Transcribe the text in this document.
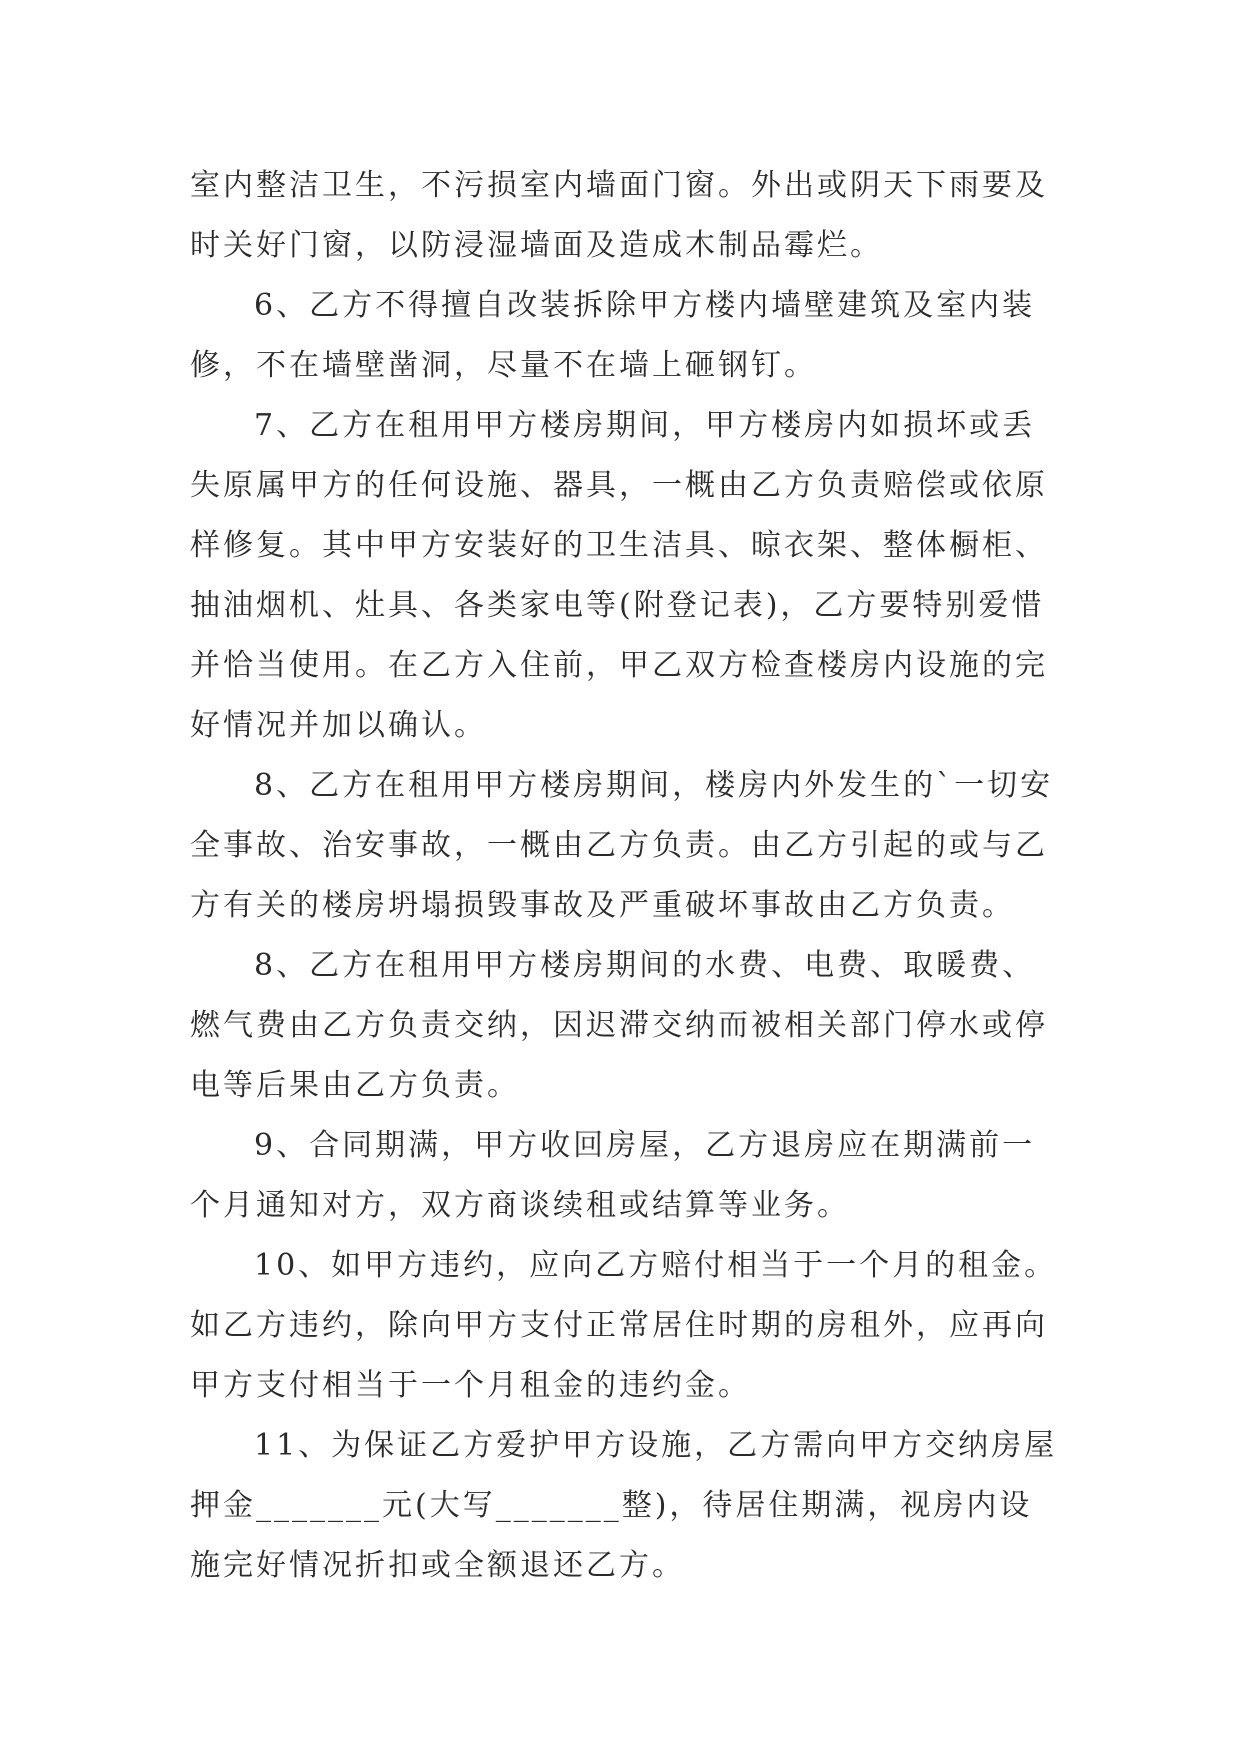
室内整洁卫生，不污损室内墙面门窗。外出或阴天下雨要及时关好门窗，以防浸湿墙面及造成木制品霉烂。

6、乙方不得擅自改装拆除甲方楼内墙壁建筑及室内装修，不在墙壁凿洞，尽量不在墙上砸钢钉。

7、乙方在租用甲方楼房期间，甲方楼房内如损坏或丢失原属甲方的任何设施、器具，一概由乙方负责赔偿或依原样修复。其中甲方安装好的卫生洁具、晾衣架、整体橱柜、抽油烟机、灶具、各类家电等(附登记表)，乙方要特别爱惜并恰当使用。在乙方入住前，甲乙双方检查楼房内设施的完好情况并加以确认。

8、乙方在租用甲方楼房期间，楼房内外发生的`一切安全事故、治安事故，一概由乙方负责。由乙方引起的或与乙方有关的楼房坍塌损毁事故及严重破坏事故由乙方负责。

8、乙方在租用甲方楼房期间的水费、电费、取暖费、燃气费由乙方负责交纳，因迟滞交纳而被相关部门停水或停电等后果由乙方负责。

9、合同期满，甲方收回房屋，乙方退房应在期满前一个月通知对方，双方商谈续租或结算等业务。

10、如甲方违约，应向乙方赔付相当于一个月的租金。如乙方违约，除向甲方支付正常居住时期的房租外，应再向甲方支付相当于一个月租金的违约金。

11、为保证乙方爱护甲方设施，乙方需向甲方交纳房屋押金_______元(大写_______整)，待居住期满，视房内设施完好情况折扣或全额退还乙方。
